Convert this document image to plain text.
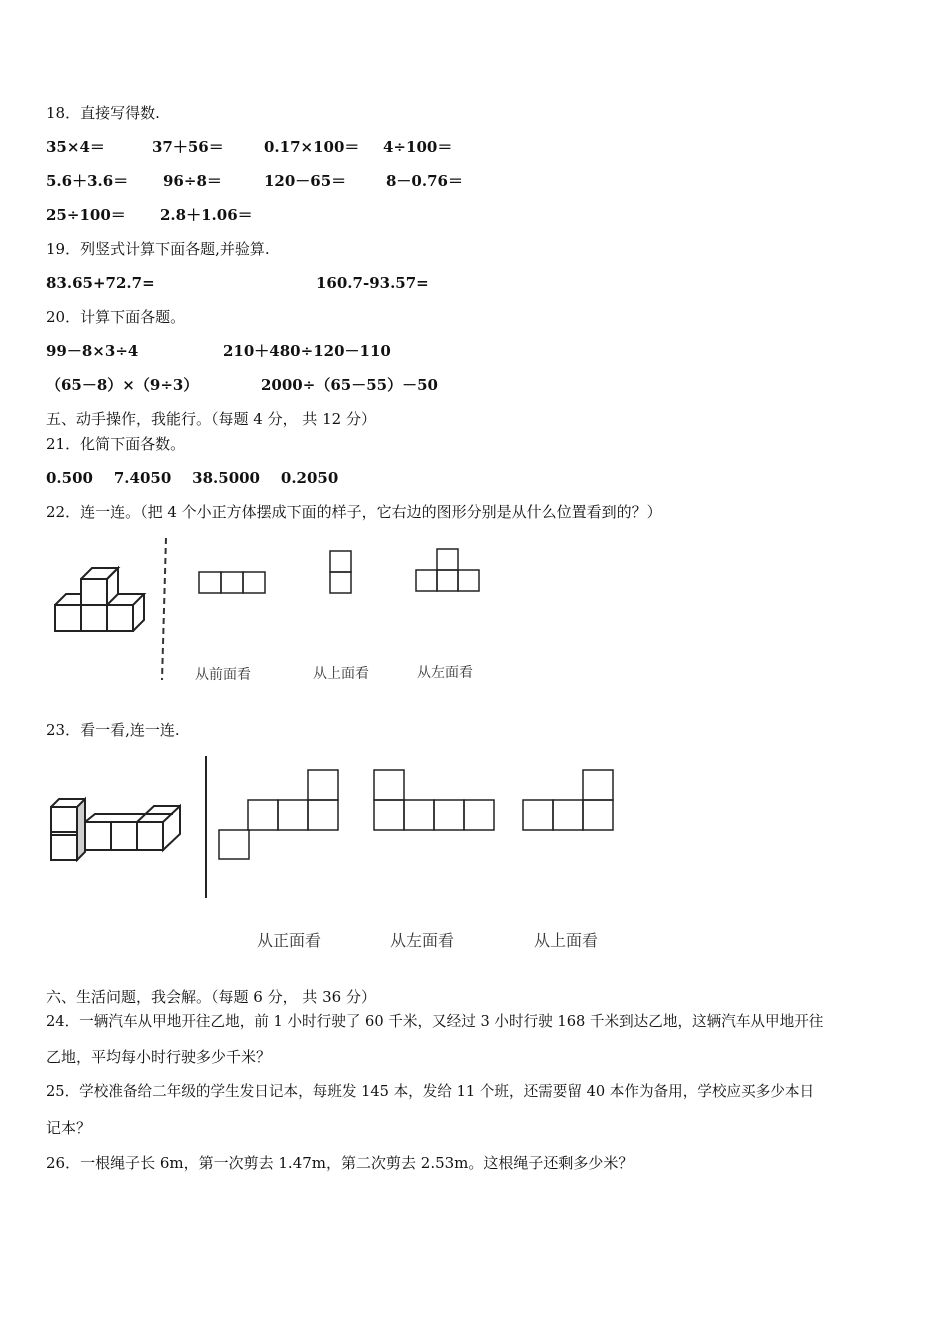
18．直接写得数.
35×4＝	37＋56＝	0.17×100＝ 4÷100＝
5.6＋3.6＝ 96÷8＝	120－65＝	8－0.76＝
25÷100＝ 2.8＋1.06＝
19．列竖式计算下面各题,并验算.
83.65+72.7=	160.7-93.57=
20．计算下面各题。
99－8×3÷4	210＋480÷120－110
（65－8）×（9÷3）	2000÷（65－55）－50
五、动手操作，我能行。（每题 4 分， 共 12 分）
21．化简下面各数。
0.500    7.4050    38.5000    0.2050
22．连一连。（把 4 个小正方体摆成下面的样子，它右边的图形分别是从什么位置看到的？）
从前面看	从上面看	从左面看
23．看一看,连一连.
从正面看	从左面看	从上面看
六、生活问题，我会解。（每题 6 分， 共 36 分）
24．一辆汽车从甲地开往乙地，前 1 小时行驶了 60 千米，又经过 3 小时行驶 168 千米到达乙地，这辆汽车从甲地开往
乙地，平均每小时行驶多少千米？
25．学校准备给二年级的学生发日记本，每班发 145 本，发给 11 个班，还需要留 40 本作为备用，学校应买多少本日
记本？
26．一根绳子长 6m，第一次剪去 1.47m，第二次剪去 2.53m。这根绳子还剩多少米？
